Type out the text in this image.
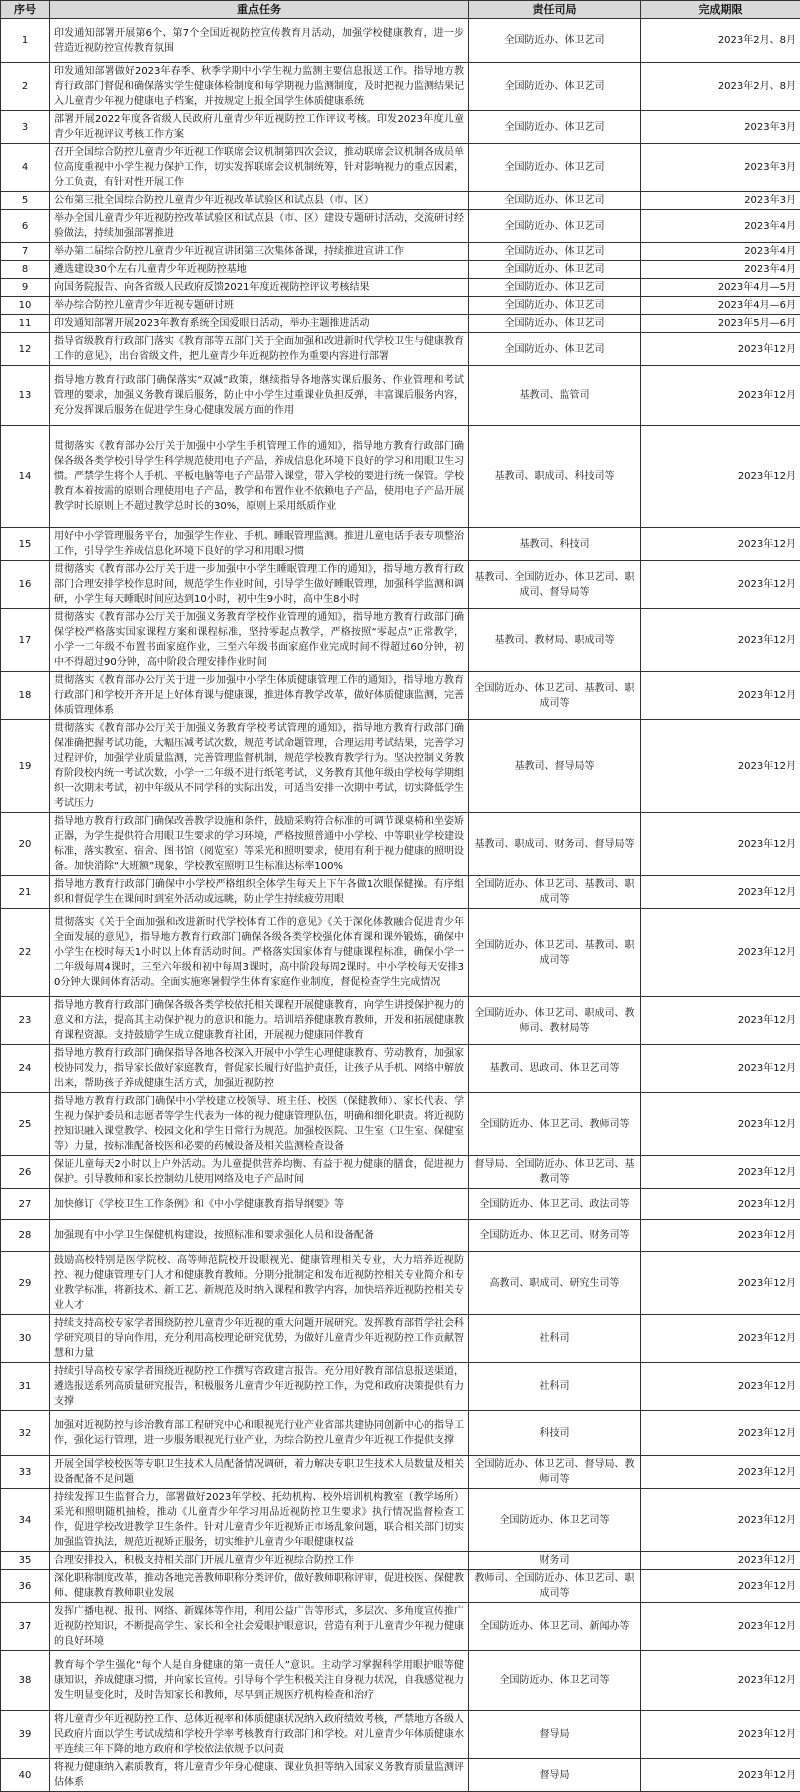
序号	重点任务	责任司局	完成期限
1	印发通知部署开展第6个、第7个全国近视防控宣传教育月活动，加强学校健康教育，进一步营造近视防控宣传教育氛围	全国防近办、体卫艺司	2023年2月、8月
2	印发通知部署做好2023年春季、秋季学期中小学生视力监测主要信息报送工作。指导地方教育行政部门督促和确保落实学生健康体检制度和每学期视力监测制度，及时把视力监测结果记入儿童青少年视力健康电子档案，并按规定上报全国学生体质健康系统	全国防近办、体卫艺司	2023年2月、8月
3	部署开展2022年度各省级人民政府儿童青少年近视防控工作评议考核。印发2023年度儿童青少年近视评议考核工作方案	全国防近办、体卫艺司	2023年3月
4	召开全国综合防控儿童青少年近视工作联席会议机制第四次会议，推动联席会议机制各成员单位高度重视中小学生视力保护工作，切实发挥联席会议机制统筹，针对影响视力的重点因素，分工负责，有针对性开展工作	全国防近办、体卫艺司	2023年3月
5	公布第三批全国综合防控儿童青少年近视改革试验区和试点县（市、区）	全国防近办、体卫艺司	2023年3月
6	举办全国儿童青少年近视防控改革试验区和试点县（市、区）建设专题研讨活动，交流研讨经验做法，持续加强部署推进	全国防近办、体卫艺司	2023年4月
7	举办第二届综合防控儿童青少年近视宣讲团第三次集体备课，持续推进宣讲工作	全国防近办、体卫艺司	2023年4月
8	遴选建设30个左右儿童青少年近视防控基地	全国防近办、体卫艺司	2023年4月
9	向国务院报告、向各省级人民政府反馈2021年度近视防控评议考核结果	全国防近办、体卫艺司	2023年4月—5月
10	举办综合防控儿童青少年近视专题研讨班	全国防近办、体卫艺司	2023年4月—6月
11	印发通知部署开展2023年教育系统全国爱眼日活动，举办主题推进活动	全国防近办、体卫艺司	2023年5月—6月
12	指导省级教育行政部门落实《教育部等五部门关于全面加强和改进新时代学校卫生与健康教育工作的意见》，出台省级文件，把儿童青少年近视防控作为重要内容进行部署	全国防近办、体卫艺司	2023年12月
13	指导地方教育行政部门确保落实“双减”政策，继续指导各地落实课后服务、作业管理和考试管理的要求，加强义务教育课后服务，防止中小学生过重课业负担反弹，丰富课后服务内容，充分发挥课后服务在促进学生身心健康发展方面的作用	基教司、监管司	2023年12月
14	贯彻落实《教育部办公厅关于加强中小学生手机管理工作的通知》，指导地方教育行政部门确保各级各类学校引导学生科学规范使用电子产品，养成信息化环境下良好的学习和用眼卫生习惯。严禁学生将个人手机、平板电脑等电子产品带入课堂，带入学校的要进行统一保管。学校教育本着按需的原则合理使用电子产品，教学和布置作业不依赖电子产品，使用电子产品开展教学时长原则上不超过教学总时长的30%，原则上采用纸质作业	基教司、职成司、科技司等	2023年12月
15	用好中小学管理服务平台，加强学生作业、手机、睡眠管理监测。推进儿童电话手表专项整治工作，引导学生养成信息化环境下良好的学习和用眼习惯	基教司、科技司	2023年12月
16	贯彻落实《教育部办公厅关于进一步加强中小学生睡眠管理工作的通知》，指导地方教育行政部门合理安排学校作息时间，规范学生作业时间，引导学生做好睡眠管理，加强科学监测和调研，小学生每天睡眠时间应达到10小时，初中生9小时，高中生8小时	基教司、全国防近办、体卫艺司、职成司、督导局等	2023年12月
17	贯彻落实《教育部办公厅关于加强义务教育学校作业管理的通知》，指导地方教育行政部门确保学校严格落实国家课程方案和课程标准，坚持零起点教学，严格按照“零起点”正常教学，小学一二年级不布置书面家庭作业，三至六年级书面家庭作业完成时间不得超过60分钟，初中不得超过90分钟，高中阶段合理安排作业时间	基教司、教材局、职成司等	2023年12月
18	贯彻落实《教育部办公厅关于进一步加强中小学生体质健康管理工作的通知》，指导地方教育行政部门和学校开齐开足上好体育课与健康课，推进体育教学改革，做好体质健康监测，完善体质管理体系	全国防近办、体卫艺司、基教司、职成司等	2023年12月
19	贯彻落实《教育部办公厅关于加强义务教育学校考试管理的通知》，指导地方教育行政部门确保准确把握考试功能，大幅压减考试次数，规范考试命题管理，合理运用考试结果，完善学习过程评价，加强学业质量监测，完善管理监督机制，规范学校教育教学行为。坚决控制义务教育阶段校内统一考试次数，小学一二年级不进行纸笔考试，义务教育其他年级由学校每学期组织一次期末考试，初中年级从不同学科的实际出发，可适当安排一次期中考试，切实降低学生考试压力	基教司、督导局等	2023年12月
20	指导地方教育行政部门确保改善教学设施和条件，鼓励采购符合标准的可调节课桌椅和坐姿矫正器，为学生提供符合用眼卫生要求的学习环境，严格按照普通中小学校、中等职业学校建设标准，落实教室、宿舍、图书馆（阅览室）等采光和照明要求，使用有利于视力健康的照明设备。加快消除“大班额”现象，学校教室照明卫生标准达标率100%	基教司、职成司、财务司、督导局等	2023年12月
21	指导地方教育行政部门确保中小学校严格组织全体学生每天上下午各做1次眼保健操。有序组织和督促学生在课间时到室外活动或远眺，防止学生持续疲劳用眼	全国防近办、体卫艺司、基教司、职成司等	2023年12月
22	贯彻落实《关于全面加强和改进新时代学校体育工作的意见》《关于深化体教融合促进青少年全面发展的意见》，指导地方教育行政部门确保各级各类学校强化体育课和课外锻炼，确保中小学生在校时每天1小时以上体育活动时间。严格落实国家体育与健康课程标准，确保小学一二年级每周4课时，三至六年级和初中每周3课时，高中阶段每周2课时。中小学校每天安排30分钟大课间体育活动。全面实施寒暑假学生体育家庭作业制度，督促检查学生完成情况	全国防近办、体卫艺司、基教司、职成司等	2023年12月
23	指导地方教育行政部门确保各级各类学校依托相关课程开展健康教育，向学生讲授保护视力的意义和方法，提高其主动保护视力的意识和能力。培训培养健康教育教师，开发和拓展健康教育课程资源。支持鼓励学生成立健康教育社团，开展视力健康同伴教育	全国防近办、体卫艺司、职成司、教师司、教材局等	2023年12月
24	指导地方教育行政部门确保指导各地各校深入开展中小学生心理健康教育、劳动教育，加强家校协同发力，指导家长做好家庭教育，督促家长履行好监护责任，让孩子从手机、网络中解放出来，帮助孩子养成健康生活方式，加强近视防控	基教司、思政司、体卫艺司等	2023年12月
25	指导地方教育行政部门确保中小学校建立校领导、班主任、校医（保健教师）、家长代表、学生视力保护委员和志愿者等学生代表为一体的视力健康管理队伍，明确和细化职责。将近视防控知识融入课堂教学、校园文化和学生日常行为规范。加强校医院、卫生室（卫生室、保健室等）力量，按标准配备校医和必要的药械设备及相关监测检查设备	全国防近办、体卫艺司、教师司等	2023年12月
26	保证儿童每天2小时以上户外活动。为儿童提供营养均衡、有益于视力健康的膳食，促进视力保护。引导教师和家长控制幼儿使用网络及电子产品时间	督导局、全国防近办、体卫艺司、基教司等	2023年12月
27	加快修订《学校卫生工作条例》和《中小学健康教育指导纲要》等	全国防近办、体卫艺司、政法司等	2023年12月
28	加强现有中小学卫生保健机构建设，按照标准和要求强化人员和设备配备	全国防近办、体卫艺司、财务司等	2023年12月
29	鼓励高校特别是医学院校、高等师范院校开设眼视光、健康管理相关专业，大力培养近视防控、视力健康管理专门人才和健康教育教师。分期分批制定和发布近视防控相关专业简介和专业教学标准，将新技术、新工艺、新规范及时纳入课程和教学内容，加快培养近视防控相关专业人才	高教司、职成司、研究生司等	2023年12月
30	持续支持高校专家学者围绕防控儿童青少年近视的重大问题开展研究。发挥教育部哲学社会科学研究项目的导向作用，充分利用高校理论研究优势，为做好儿童青少年近视防控工作贡献智慧和力量	社科司	2023年12月
31	持续引导高校专家学者围绕近视防控工作撰写咨政建言报告。充分用好教育部信息报送渠道，遴选报送系列高质量研究报告，积极服务儿童青少年近视防控工作，为党和政府决策提供有力支撑	社科司	2023年12月
32	加强对近视防控与诊治教育部工程研究中心和眼视光行业产业省部共建协同创新中心的指导工作，强化运行管理，进一步服务眼视光行业产业，为综合防控儿童青少年近视工作提供支撑	科技司	2023年12月
33	开展全国学校校医等专职卫生技术人员配备情况调研，着力解决专职卫生技术人员数量及相关设备配备不足问题	全国防近办、体卫艺司、督导局、教师司等	2023年12月
34	持续发挥卫生监督合力，部署做好2023年学校、托幼机构、校外培训机构教室（教学场所）采光和照明随机抽检，推动《儿童青少年学习用品近视防控卫生要求》执行情况监督检查工作，促进学校改进教学卫生条件。针对儿童青少年近视矫正市场乱象问题，联合相关部门切实加强监管执法，规范近视矫正服务，切实维护儿童青少年眼健康权益	全国防近办、体卫艺司等	2023年12月
35	合理安排投入，积极支持相关部门开展儿童青少年近视综合防控工作	财务司	2023年12月
36	深化职称制度改革，推动各地完善教师职称分类评价，做好教师职称评审，促进校医、保健教师、健康教育教师职业发展	教师司、全国防近办、体卫艺司、职成司等	2023年12月
37	发挥广播电视、报刊、网络、新媒体等作用，利用公益广告等形式，多层次、多角度宣传推广近视防控知识，不断提高学生、家长和全社会爱眼护眼意识，营造有利于儿童青少年视力健康的良好环境	全国防近办、体卫艺司、新闻办等	2023年12月
38	教育每个学生强化“每个人是自身健康的第一责任人”意识。主动学习掌握科学用眼护眼等健康知识，养成健康习惯，并向家长宣传。引导每个学生积极关注自身视力状况，自我感觉视力发生明显变化时，及时告知家长和教师，尽早到正规医疗机构检查和治疗	全国防近办、体卫艺司等	2023年12月
39	将儿童青少年近视防控工作、总体近视率和体质健康状况纳入政府绩效考核，严禁地方各级人民政府片面以学生考试成绩和学校升学率考核教育行政部门和学校。对儿童青少年体质健康水平连续三年下降的地方政府和学校依法依规予以问责	督导局	2023年12月
40	将视力健康纳入素质教育，将儿童青少年身心健康、课业负担等纳入国家义务教育质量监测评估体系	督导局	2023年12月
